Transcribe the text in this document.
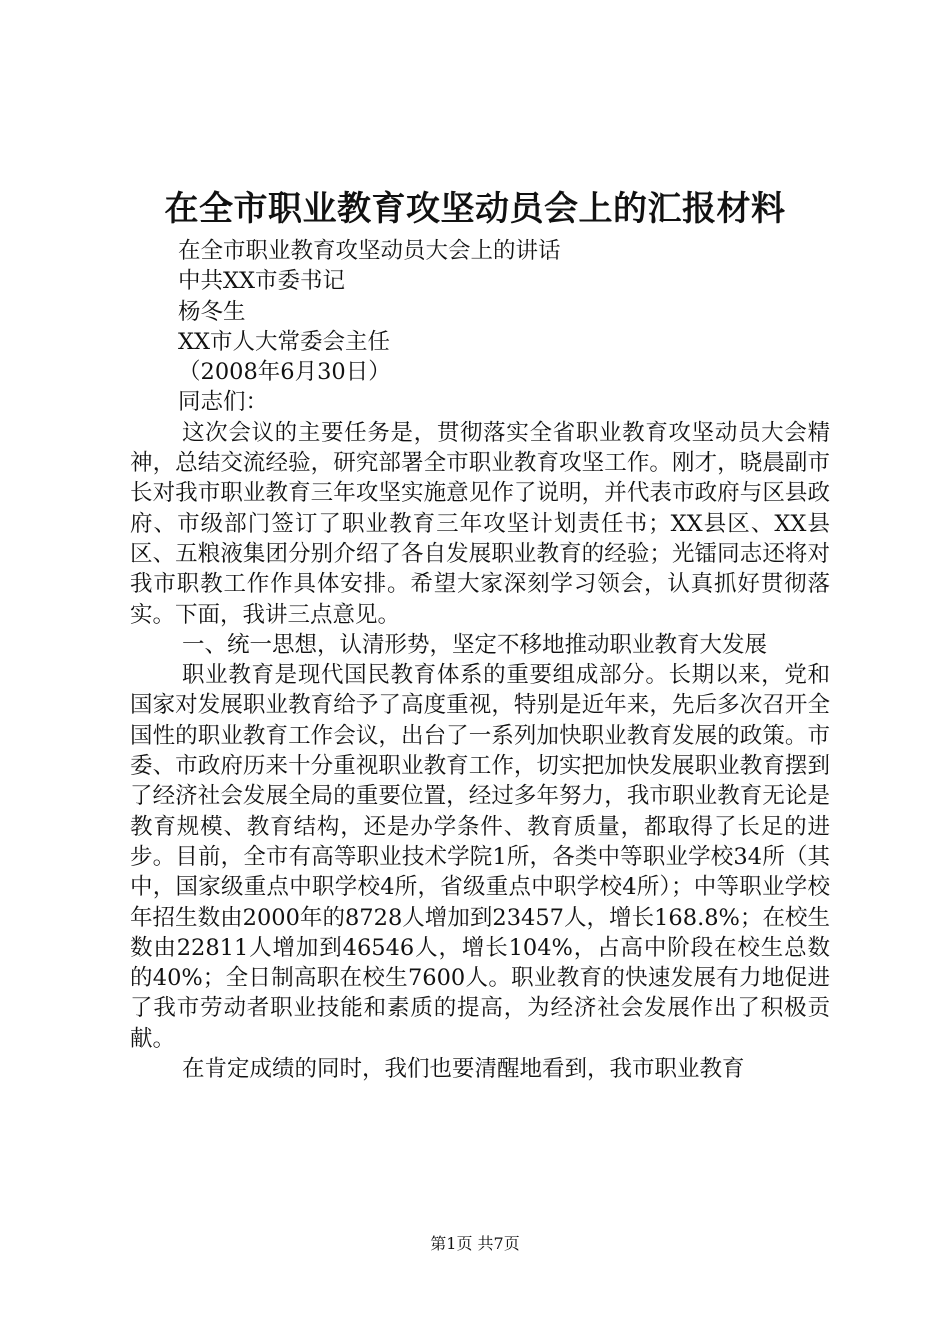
在全市职业教育攻坚动员会上的汇报材料

在全市职业教育攻坚动员大会上的讲话

中共XX市委书记

杨冬生

XX市人大常委会主任

（2008年6月30日）

同志们：

这次会议的主要任务是，贯彻落实全省职业教育攻坚动员大会精神，总结交流经验，研究部署全市职业教育攻坚工作。刚才，晓晨副市长对我市职业教育三年攻坚实施意见作了说明，并代表市政府与区县政府、市级部门签订了职业教育三年攻坚计划责任书；XX县区、XX县区、五粮液集团分别介绍了各自发展职业教育的经验；光镭同志还将对我市职教工作作具体安排。希望大家深刻学习领会，认真抓好贯彻落实。下面，我讲三点意见。

一、统一思想，认清形势，坚定不移地推动职业教育大发展

职业教育是现代国民教育体系的重要组成部分。长期以来，党和国家对发展职业教育给予了高度重视，特别是近年来，先后多次召开全国性的职业教育工作会议，出台了一系列加快职业教育发展的政策。市委、市政府历来十分重视职业教育工作，切实把加快发展职业教育摆到了经济社会发展全局的重要位置，经过多年努力，我市职业教育无论是教育规模、教育结构，还是办学条件、教育质量，都取得了长足的进步。目前，全市有高等职业技术学院1所，各类中等职业学校34所（其中，国家级重点中职学校4所，省级重点中职学校4所）；中等职业学校年招生数由2000年的8728人增加到23457人，增长168.8%；在校生数由22811人增加到46546人，增长104%，占高中阶段在校生总数的40%；全日制高职在校生7600人。职业教育的快速发展有力地促进了我市劳动者职业技能和素质的提高，为经济社会发展作出了积极贡献。

在肯定成绩的同时，我们也要清醒地看到，我市职业教育

第1页 共7页
